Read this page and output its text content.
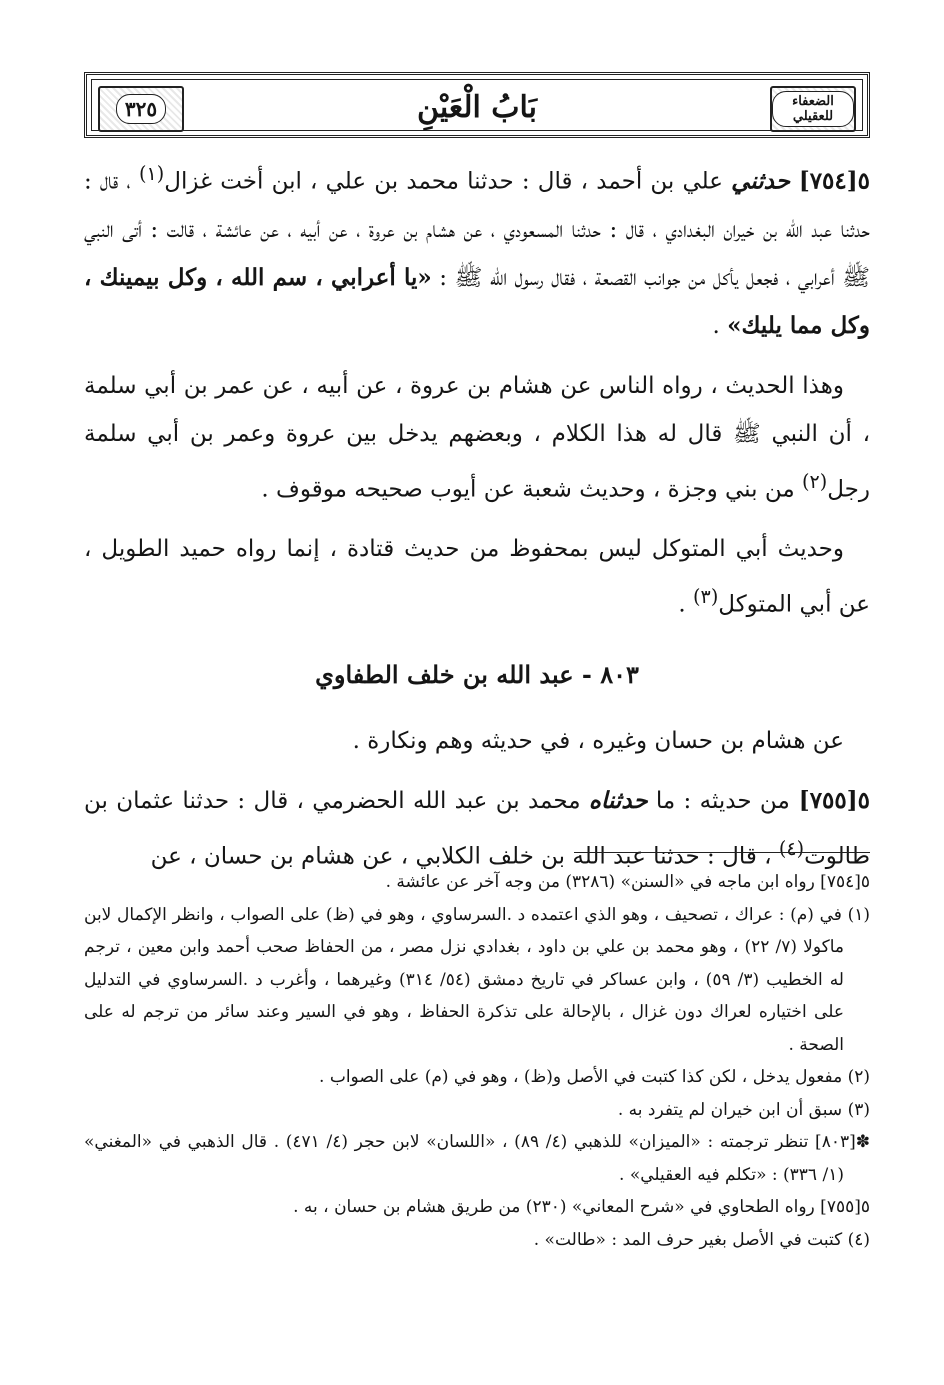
٣٢٥	بَابُ الْعَيْنِ	الضعفاء للعقيلي

٥[٧٥٤] حدثني علي بن أحمد ، قال : حدثنا محمد بن علي ، ابن أخت غزال$^{(١)}$ ، قال : حدثنا عبد الله بن خيران البغدادي ، قال : حدثنا المسعودي ، عن هشام بن عروة ، عن أبيه ، عن عائشة ، قالت : أتى النبي ﷺ أعرابي ، فجعل يأكل من جوانب القصعة ، فقال رسول الله ﷺ : «يا أعرابي ، سم الله ، وكل بيمينك ، وكل مما يليك» .

وهذا الحديث ، رواه الناس عن هشام بن عروة ، عن أبيه ، عن عمر بن أبي سلمة ، أن النبي ﷺ قال له هذا الكلام ، وبعضهم يدخل بين عروة وعمر بن أبي سلمة رجل$^{(٢)}$ من بني وجزة ، وحديث شعبة عن أيوب صحيحه موقوف .

وحديث أبي المتوكل ليس بمحفوظ من حديث قتادة ، إنما رواه حميد الطويل ، عن أبي المتوكل$^{(٣)}$ .

٨٠٣ - عبد الله بن خلف الطفاوي

عن هشام بن حسان وغيره ، في حديثه وهم ونكارة .

٥[٧٥٥] من حديثه : ما حدثناه محمد بن عبد الله الحضرمي ، قال : حدثنا عثمان بن طالوت$^{(٤)}$ ، قال : حدثنا عبد الله بن خلف الكلابي ، عن هشام بن حسان ، عن

٥[٧٥٤] رواه ابن ماجه في «السنن» (٣٢٨٦) من وجه آخر عن عائشة .

(١) في (م) : عراك ، تصحيف ، وهو الذي اعتمده د .السرساوي ، وهو في (ظ) على الصواب ، وانظر الإكمال لابن ماكولا (٧/ ٢٢) ، وهو محمد بن علي بن داود ، بغدادي نزل مصر ، من الحفاظ صحب أحمد وابن معين ، ترجم له الخطيب (٣/ ٥٩) ، وابن عساكر في تاريخ دمشق (٥٤/ ٣١٤) وغيرهما ، وأغرب د .السرساوي في التدليل على اختياره لعراك دون غزال ، بالإحالة على تذكرة الحفاظ ، وهو في السير وعند سائر من ترجم له على الصحة .

(٢) مفعول يدخل ، لكن كذا كتبت في الأصل و(ظ) ، وهو في (م) على الصواب .

(٣) سبق أن ابن خيران لم يتفرد به .

✽[٨٠٣] تنظر ترجمته : «الميزان» للذهبي (٤/ ٨٩) ، «اللسان» لابن حجر (٤/ ٤٧١) . قال الذهبي في «المغني» (١/ ٣٣٦) : «تكلم فيه العقيلي» .

٥[٧٥٥] رواه الطحاوي في «شرح المعاني» (٢٣٠) من طريق هشام بن حسان ، به .

(٤) كتبت في الأصل بغير حرف المد : «طالت» .
